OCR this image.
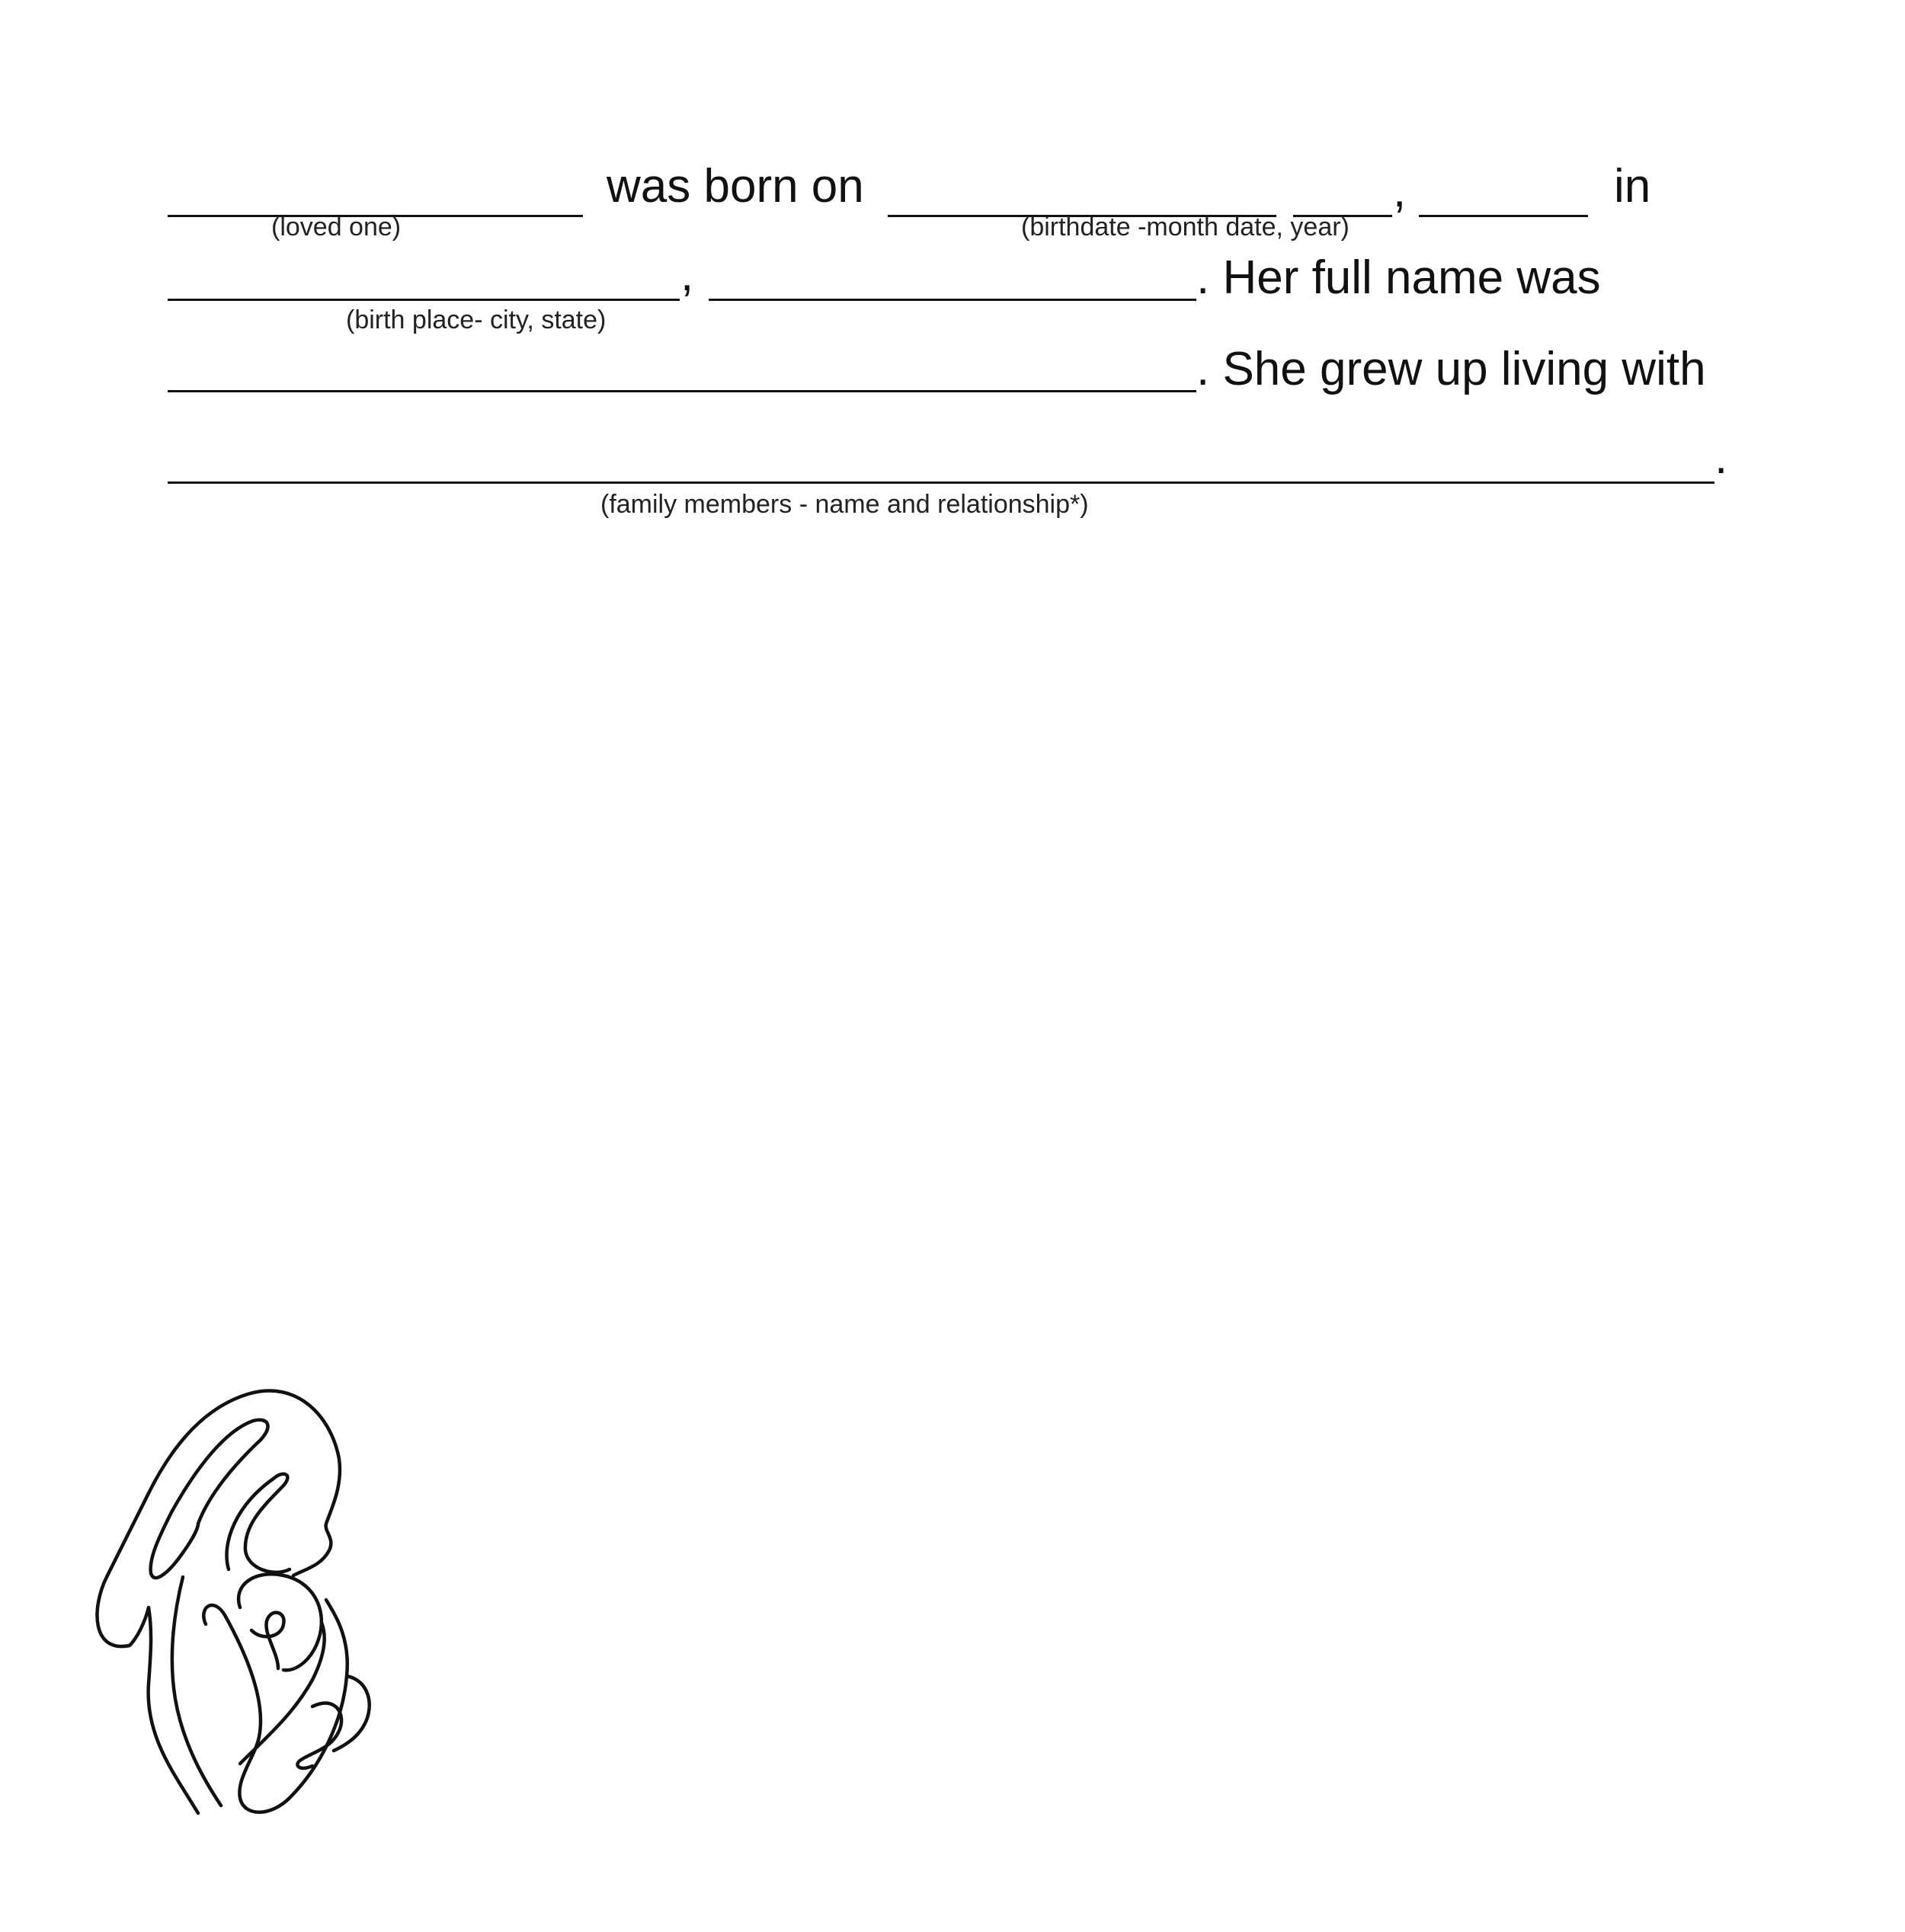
was born on	,	in
(loved one)	(birthdate -month date, year)
,	. Her full name was
(birth place- city, state)
. She grew up living with
.
(family members - name and relationship*)
